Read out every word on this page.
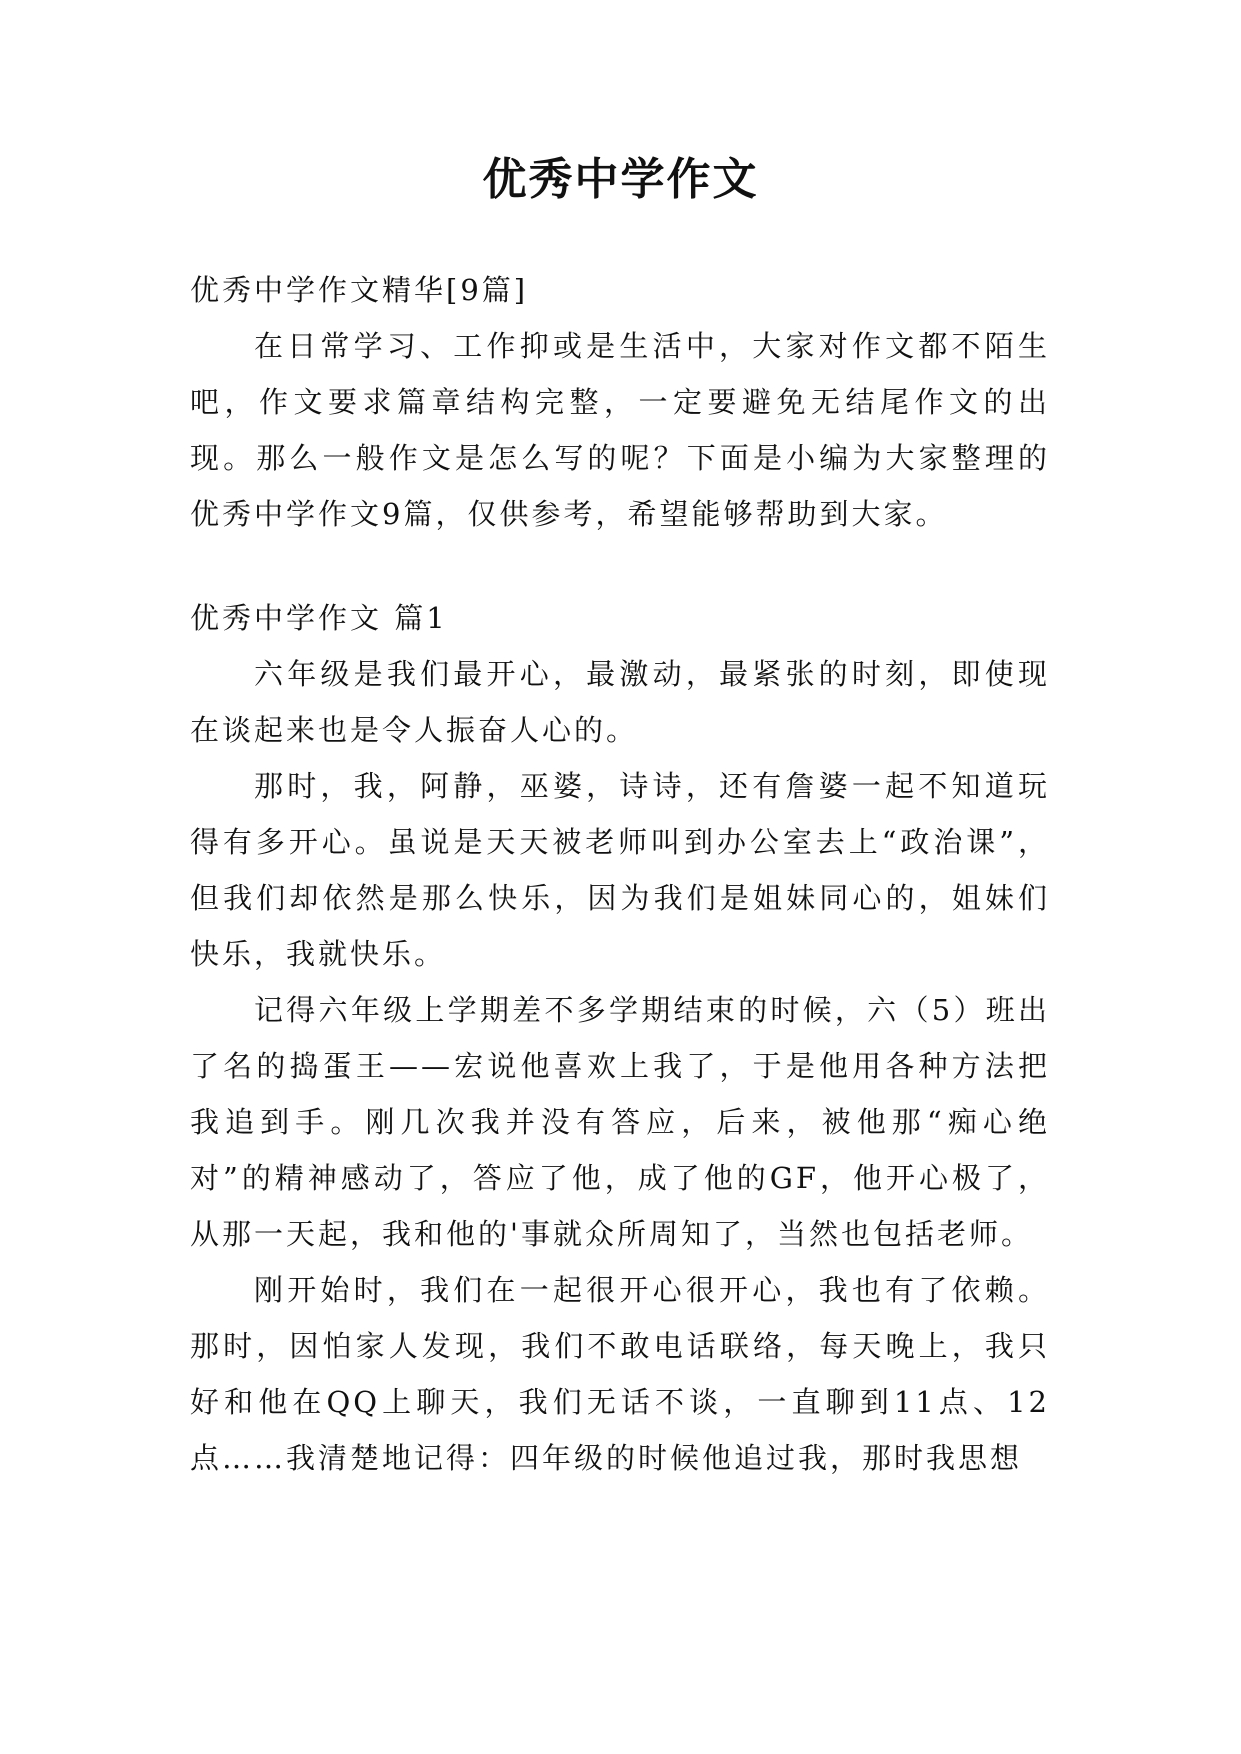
优秀中学作文

优秀中学作文精华[9篇]

在日常学习、工作抑或是生活中，大家对作文都不陌生吧，作文要求篇章结构完整，一定要避免无结尾作文的出现。那么一般作文是怎么写的呢？下面是小编为大家整理的优秀中学作文9篇，仅供参考，希望能够帮助到大家。

优秀中学作文 篇1

六年级是我们最开心，最激动，最紧张的时刻，即使现在谈起来也是令人振奋人心的。

那时，我，阿静，巫婆，诗诗，还有詹婆一起不知道玩得有多开心。虽说是天天被老师叫到办公室去上“政治课”，但我们却依然是那么快乐，因为我们是姐妹同心的，姐妹们快乐，我就快乐。

记得六年级上学期差不多学期结束的时候，六（5）班出了名的捣蛋王——宏说他喜欢上我了，于是他用各种方法把我追到手。刚几次我并没有答应，后来，被他那“痴心绝对”的精神感动了，答应了他，成了他的GF，他开心极了，从那一天起，我和他的'事就众所周知了，当然也包括老师。

刚开始时，我们在一起很开心很开心，我也有了依赖。那时，因怕家人发现，我们不敢电话联络，每天晚上，我只好和他在QQ上聊天，我们无话不谈，一直聊到11点、12点……我清楚地记得：四年级的时候他追过我，那时我思想
